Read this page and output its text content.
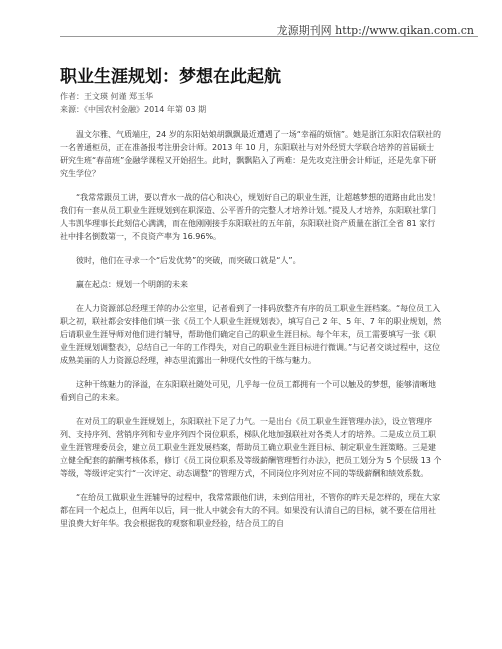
龙源期刊网 http://www.qikan.com.cn
职业生涯规划：梦想在此起航
作者：王文瑛 何谨 郑玉华
来源：《中国农村金融》2014 年第 03 期

温文尔雅、气质端庄，24 岁的东阳姑娘胡飘飘最近遭遇了一场“幸福的烦恼”。她是浙江东阳农信联社的一名普通柜员，正在准备报考注册会计师。2013 年 10 月，东阳联社与对外经贸大学联合培养的首届硕士研究生班“春苗班”金融学课程又开始招生。此时，飘飘陷入了两难：是先攻克注册会计师证，还是先拿下研究生学位？

“我常常跟员工讲，要以背水一战的信心和决心，规划好自己的职业生涯，让超越梦想的道路由此出发！我们有一套从员工职业生涯规划到在职深造、公平晋升的完整人才培养计划。”提及人才培养，东阳联社掌门人韦凯华理事长此刻信心满满，而在他刚刚接手东阳联社的五年前，东阳联社资产质量在浙江全省 81 家行社中排名倒数第一，不良资产率为 16.96%。

彼时，他们在寻求一个“后发优势”的突破，而突破口就是“人”。

赢在起点：规划一个明朗的未来

在人力资源部总经理王萍的办公室里，记者看到了一排码放整齐有序的员工职业生涯档案。“每位员工入职之初，联社都会安排他们填一张《员工个人职业生涯规划表》，填写自己 2 年、5 年、7 年的职业规划，然后请职业生涯导师对他们进行辅导，帮助他们确定自己的职业生涯目标。每个年末，员工需要填写一张《职业生涯规划调整表》，总结自己一年的工作得失，对自己的职业生涯目标进行微调。”与记者交谈过程中，这位成熟美丽的人力资源总经理，神态里流露出一种现代女性的干练与魅力。

这种干练魅力的泽溢，在东阳联社随处可见，几乎每一位员工都拥有一个可以触及的梦想，能够清晰地看到自己的未来。

在对员工的职业生涯规划上，东阳联社下足了力气。一是出台《员工职业生涯管理办法》，设立管理序列、支持序列、营销序列和专业序列四个岗位职系，梯队化地加强联社对各类人才的培养。二是成立员工职业生涯管理委员会，建立员工职业生涯发展档案，帮助员工确立职业生涯目标、制定职业生涯策略。三是建立健全配套的薪酬考核体系，修订《员工岗位职系及等级薪酬管理暂行办法》，把员工划分为 5 个层级 13 个等级，等级评定实行“一次评定、动态调整”的管理方式，不同岗位序列对应不同的等级薪酬和绩效系数。

“在给员工做职业生涯辅导的过程中，我常常跟他们讲，未到信用社，不管你的昨天是怎样的，现在大家都在同一个起点上，但两年以后，同一批人中就会有大的不同。如果没有认清自己的目标，就不要在信用社里浪费大好年华。我会根据我的观察和职业经验，结合员工的自
